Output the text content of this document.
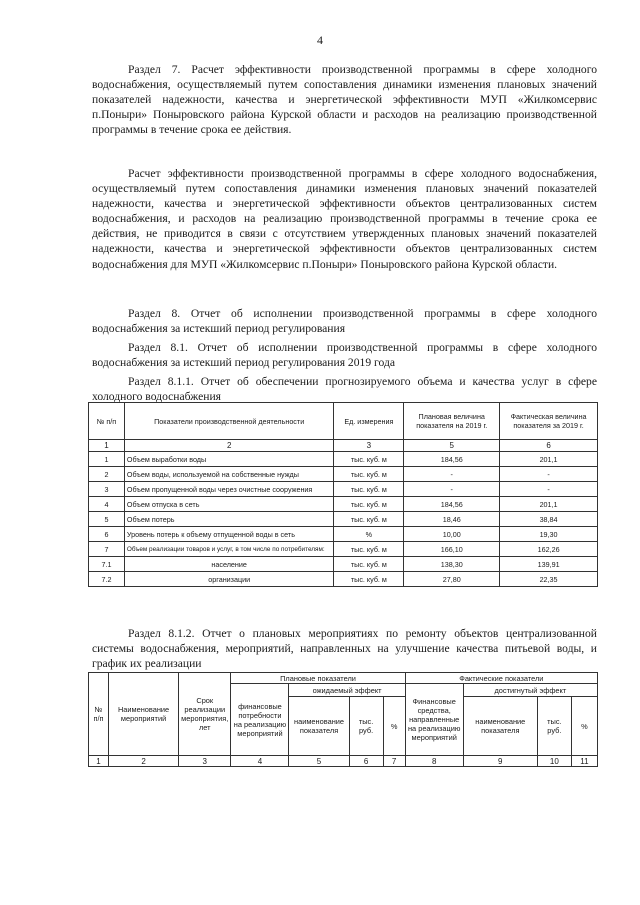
4

Раздел 7. Расчет эффективности производственной программы в сфере холодного водоснабжения, осуществляемый путем сопоставления динамики изменения плановых значений показателей надежности, качества и энергетической эффективности МУП «Жилкомсервис п.Поныри» Поныровского района Курской области и расходов на реализацию производственной программы в течение срока ее действия.

Расчет эффективности производственной программы в сфере холодного водоснабжения, осуществляемый путем сопоставления динамики изменения плановых значений показателей надежности, качества и энергетической эффективности объектов централизованных систем водоснабжения, и расходов на реализацию производственной программы в течение срока ее действия, не приводится в связи с отсутствием утвержденных плановых значений показателей надежности, качества и энергетической эффективности объектов централизованных систем водоснабжения для МУП «Жилкомсервис п.Поныри» Поныровского района Курской области.

Раздел 8. Отчет об исполнении производственной программы в сфере холодного водоснабжения за истекший период регулирования

Раздел 8.1. Отчет об исполнении производственной программы в сфере холодного водоснабжения за истекший период регулирования 2019 года

Раздел 8.1.1. Отчет об обеспечении прогнозируемого объема и качества услуг в сфере холодного водоснабжения

№ п/п	Показатели производственной деятельности	Ед. измерения	Плановая величина показателя на 2019 г.	Фактическая величина показателя за 2019 г.
1	2	3	5	6
1	Объем выработки воды	тыс. куб. м	184,56	201,1
2	Объем воды, используемой на собственные нужды	тыс. куб. м	-	-
3	Объем пропущенной воды через очистные сооружения	тыс. куб. м	-	-
4	Объем отпуска в сеть	тыс. куб. м	184,56	201,1
5	Объем потерь	тыс. куб. м	18,46	38,84
6	Уровень потерь к объему отпущенной воды в сеть	%	10,00	19,30
7	Объем реализации товаров и услуг, в том числе по потребителям:	тыс. куб. м	166,10	162,26
7.1	население	тыс. куб. м	138,30	139,91
7.2	организации	тыс. куб. м	27,80	22,35

Раздел 8.1.2. Отчет о плановых мероприятиях по ремонту объектов централизованной системы водоснабжения, мероприятий, направленных на улучшение качества питьевой воды, и график их реализации

№ п/п	Наименование мероприятий	Срок реализации мероприятия, лет	Плановые показатели				Фактические показатели			
			финансовые потребности на реализацию мероприятий	ожидаемый эффект			Финансовые средства, направленные на реализацию мероприятий	достигнутый эффект		
				наименование показателя	тыс. руб.	%		наименование показателя	тыс. руб.	%
1	2	3	4	5	6	7	8	9	10	11
